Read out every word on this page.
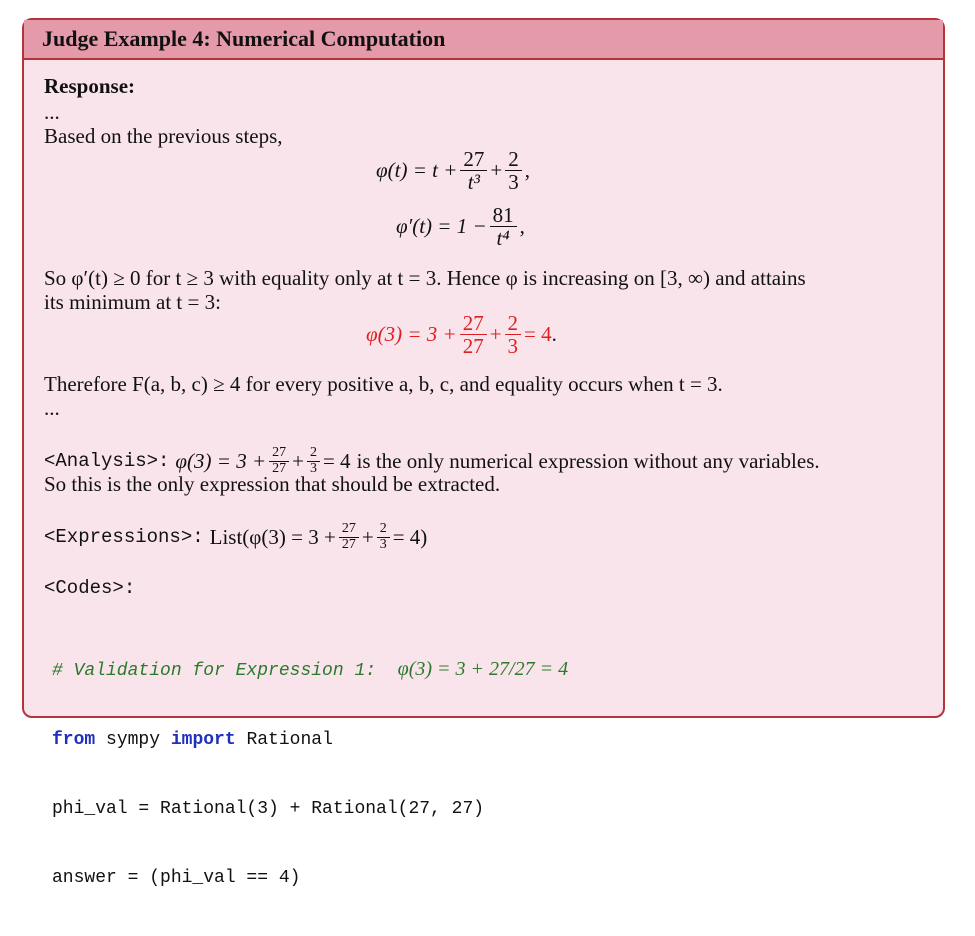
Judge Example 4: Numerical Computation
Response:
...
Based on the previous steps,
$\varphi(t) = t + \frac{27}{\text{t³}} + \frac{2}{3}$ ,
$\varphi'(t) = 1 - \frac{81}{\text{t⁴}}$ ,
So φ′(t) ≥ 0 for t ≥ 3 with equality only at t = 3. Hence φ is increasing on [3, ∞) and attains
its minimum at t = 3:
$\varphi(3) = 3 + \frac{27}{27} + \frac{2}{3} = 4$ .
Therefore F(a, b, c) ≥ 4 for every positive a, b, c, and equality occurs when t = 3.
...
<Analysis>: $\varphi(3) = 3 + \frac{27}{27} + \frac{2}{3} = 4$ is the only numerical expression without any variables.
So this is the only expression that should be extracted.
<Expressions>: List(φ(3) = $3 + \frac{27}{27} + \frac{2}{3} = 4$)
<Codes>:

# Validation for Expression 1:  φ(3) = 3 + 27/27 = 4

from sympy import Rational

phi_val = Rational(3) + Rational(27, 27)

answer = (phi_val == 4)
